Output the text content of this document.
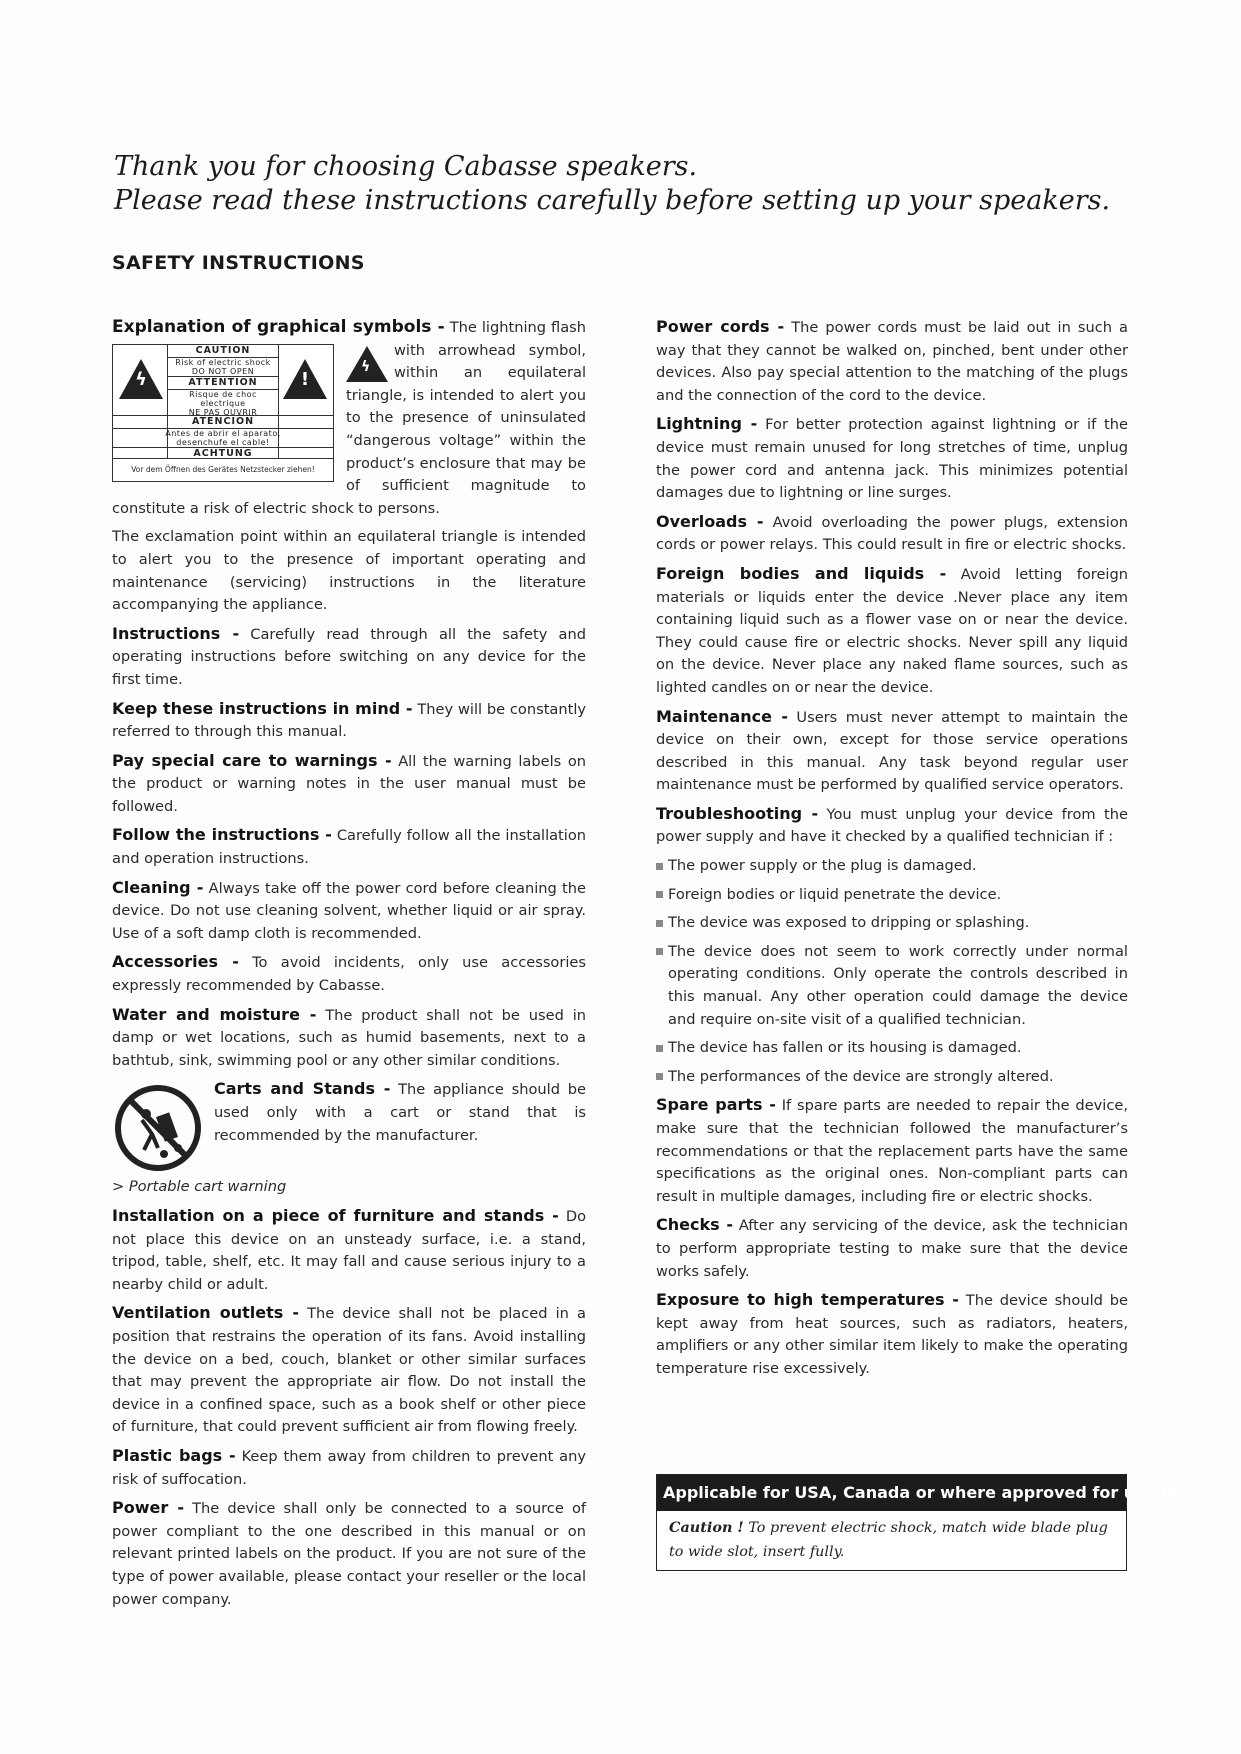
Thank you for choosing Cabasse speakers.
Please read these instructions carefully before setting up your speakers.
SAFETY INSTRUCTIONS

Explanation of graphical symbols -
ϟ	!
CAUTION
Risk of electric shock
DO NOT OPEN
ATTENTION
Risque de choc electrique
NE PAS OUVRIR
ATENCIÓN
Antes de abrir el aparato,
desenchufe el cable!
ACHTUNG
Vor dem Öffnen des Gerätes Netzstecker ziehen!
ϟ
The lightning flash with arrowhead symbol, within an equilateral triangle, is intended to alert you to the presence of uninsulated “dangerous voltage” within the product’s enclosure that may be of sufficient magnitude to constitute a risk of electric shock to persons.

The exclamation point within an equilateral triangle is intended to alert you to the presence of important operating and maintenance (servicing) instructions in the literature accompanying the appliance.

Instructions - Carefully read through all the safety and operating instructions before switching on any device for the first time.

Keep these instructions in mind - They will be constantly referred to through this manual.

Pay special care to warnings - All the warning labels on the product or warning notes in the user manual must be followed.

Follow the instructions - Carefully follow all the installation and operation instructions.

Cleaning - Always take off the power cord before cleaning the device. Do not use cleaning solvent, whether liquid or air spray. Use of a soft damp cloth is recommended.

Accessories - To avoid incidents, only use accessories expressly recommended by Cabasse.

Water and moisture - The product shall not be used in damp or wet locations, such as humid basements, next to a bathtub, sink, swimming pool or any other similar conditions.

Carts and Stands - The appliance should be used only with a cart or stand that is recommended by the manufacturer.

> Portable cart warning

Installation on a piece of furniture and stands - Do not place this device on an unsteady surface, i.e. a stand, tripod, table, shelf, etc. It may fall and cause serious injury to a nearby child or adult.

Ventilation outlets - The device shall not be placed in a position that restrains the operation of its fans. Avoid installing the device on a bed, couch, blanket or other similar surfaces that may prevent the appropriate air flow. Do not install the device in a confined space, such as a book shelf or other piece of furniture, that could prevent sufficient air from flowing freely.

Plastic bags - Keep them away from children to prevent any risk of suffocation.

Power - The device shall only be connected to a source of power compliant to the one described in this manual or on relevant printed labels on the product. If you are not sure of the type of power available, please contact your reseller or the local power company.

Power cords - The power cords must be laid out in such a way that they cannot be walked on, pinched, bent under other devices. Also pay special attention to the matching of the plugs and the connection of the cord to the device.

Lightning - For better protection against lightning or if the device must remain unused for long stretches of time, unplug the power cord and antenna jack. This minimizes potential damages due to lightning or line surges.

Overloads - Avoid overloading the power plugs, extension cords or power relays. This could result in fire or electric shocks.

Foreign bodies and liquids - Avoid letting foreign materials or liquids enter the device .Never place any item containing liquid such as a flower vase on or near the device. They could cause fire or electric shocks. Never spill any liquid on the device. Never place any naked flame sources, such as lighted candles on or near the device.

Maintenance - Users must never attempt to maintain the device on their own, except for those service operations described in this manual. Any task beyond regular user maintenance must be performed by qualified service operators.

Troubleshooting - You must unplug your device from the power supply and have it checked by a qualified technician if :

The power supply or the plug is damaged.

Foreign bodies or liquid penetrate the device.

The device was exposed to dripping or splashing.

The device does not seem to work correctly under normal operating conditions. Only operate the controls described in this manual. Any other operation could damage the device and require on-site visit of a qualified technician.

The device has fallen or its housing is damaged.

The performances of the device are strongly altered.

Spare parts - If spare parts are needed to repair the device, make sure that the technician followed the manufacturer’s recommendations or that the replacement parts have the same specifications as the original ones. Non-compliant parts can result in multiple damages, including fire or electric shocks.

Checks - After any servicing of the device, ask the technician to perform appropriate testing to make sure that the device works safely.

Exposure to high temperatures - The device should be kept away from heat sources, such as radiators, heaters, amplifiers or any other similar item likely to make the operating temperature rise excessively.

Applicable for USA, Canada or where approved for usage
Caution ! To prevent electric shock, match wide blade plug to wide slot, insert fully.
